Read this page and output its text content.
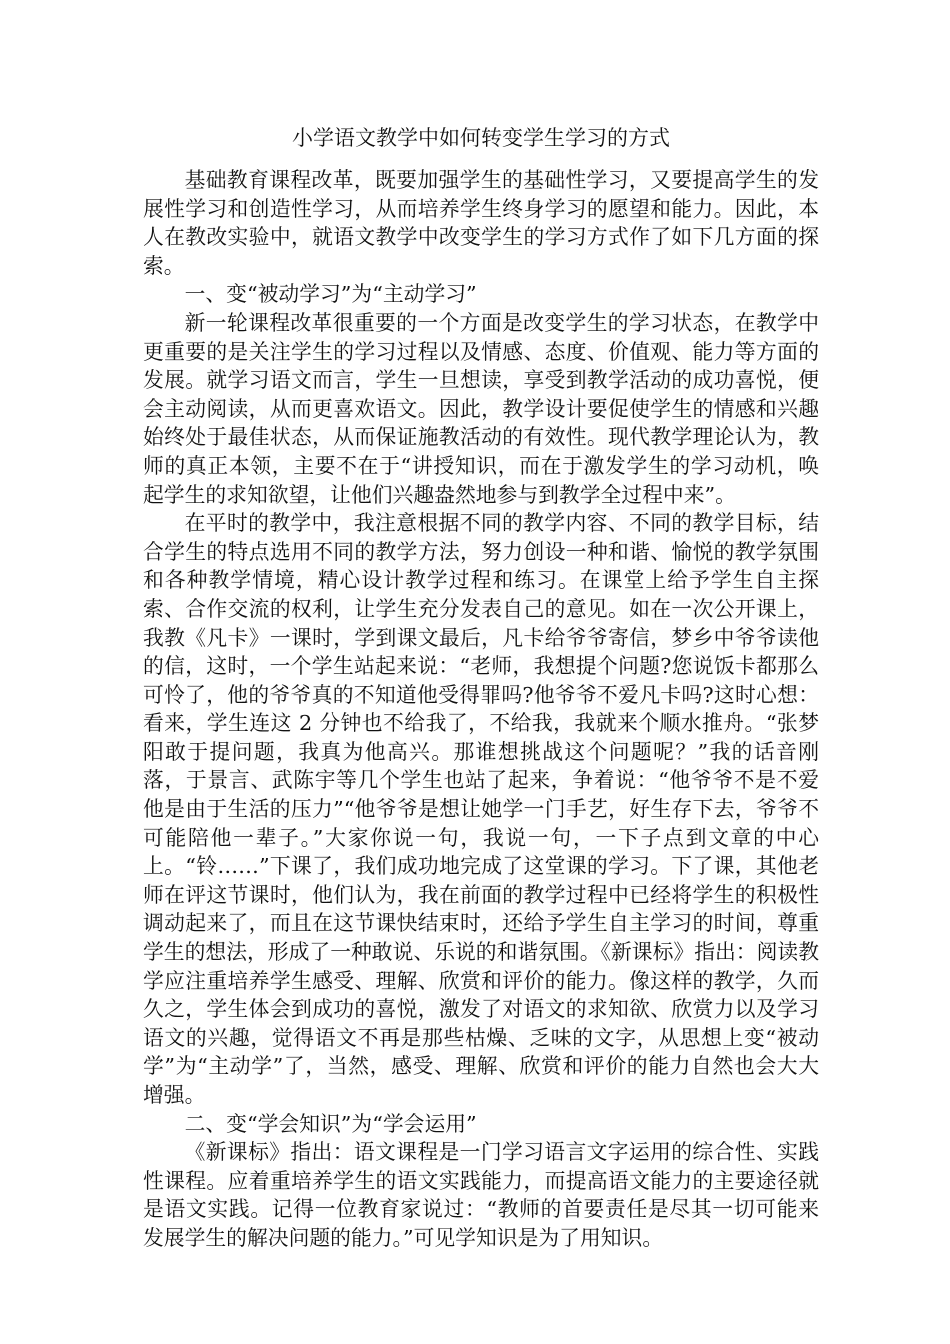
小学语文教学中如何转变学生学习的方式

基础教育课程改革，既要加强学生的基础性学习，又要提高学生的发展性学习和创造性学习，从而培养学生终身学习的愿望和能力。因此，本人在教改实验中，就语文教学中改变学生的学习方式作了如下几方面的探索。

一、变“被动学习”为“主动学习”

新一轮课程改革很重要的一个方面是改变学生的学习状态，在教学中更重要的是关注学生的学习过程以及情感、态度、价值观、能力等方面的发展。就学习语文而言，学生一旦想读，享受到教学活动的成功喜悦，便会主动阅读，从而更喜欢语文。因此，教学设计要促使学生的情感和兴趣始终处于最佳状态，从而保证施教活动的有效性。现代教学理论认为，教师的真正本领，主要不在于“讲授知识，而在于激发学生的学习动机，唤起学生的求知欲望，让他们兴趣盎然地参与到教学全过程中来”。

在平时的教学中，我注意根据不同的教学内容、不同的教学目标，结合学生的特点选用不同的教学方法，努力创设一种和谐、愉悦的教学氛围和各种教学情境，精心设计教学过程和练习。在课堂上给予学生自主探索、合作交流的权利，让学生充分发表自己的意见。如在一次公开课上，我教《凡卡》一课时，学到课文最后，凡卡给爷爷寄信，梦乡中爷爷读他的信，这时，一个学生站起来说：“老师，我想提个问题?您说饭卡都那么可怜了，他的爷爷真的不知道他受得罪吗?他爷爷不爱凡卡吗?这时心想：看来，学生连这 2 分钟也不给我了，不给我，我就来个顺水推舟。“张梦阳敢于提问题，我真为他高兴。那谁想挑战这个问题呢？”我的话音刚落，于景言、武陈宇等几个学生也站了起来，争着说：“他爷爷不是不爱他是由于生活的压力”“他爷爷是想让她学一门手艺，好生存下去，爷爷不可能陪他一辈子。”大家你说一句，我说一句，一下子点到文章的中心上。“铃……”下课了，我们成功地完成了这堂课的学习。下了课，其他老师在评这节课时，他们认为，我在前面的教学过程中已经将学生的积极性调动起来了，而且在这节课快结束时，还给予学生自主学习的时间，尊重学生的想法，形成了一种敢说、乐说的和谐氛围。《新课标》指出：阅读教学应注重培养学生感受、理解、欣赏和评价的能力。像这样的教学，久而久之，学生体会到成功的喜悦，激发了对语文的求知欲、欣赏力以及学习语文的兴趣，觉得语文不再是那些枯燥、乏味的文字，从思想上变“被动学”为“主动学”了，当然，感受、理解、欣赏和评价的能力自然也会大大增强。

二、变“学会知识”为“学会运用”

《新课标》指出：语文课程是一门学习语言文字运用的综合性、实践性课程。应着重培养学生的语文实践能力，而提高语文能力的主要途径就是语文实践。记得一位教育家说过：“教师的首要责任是尽其一切可能来发展学生的解决问题的能力。”可见学知识是为了用知识。
